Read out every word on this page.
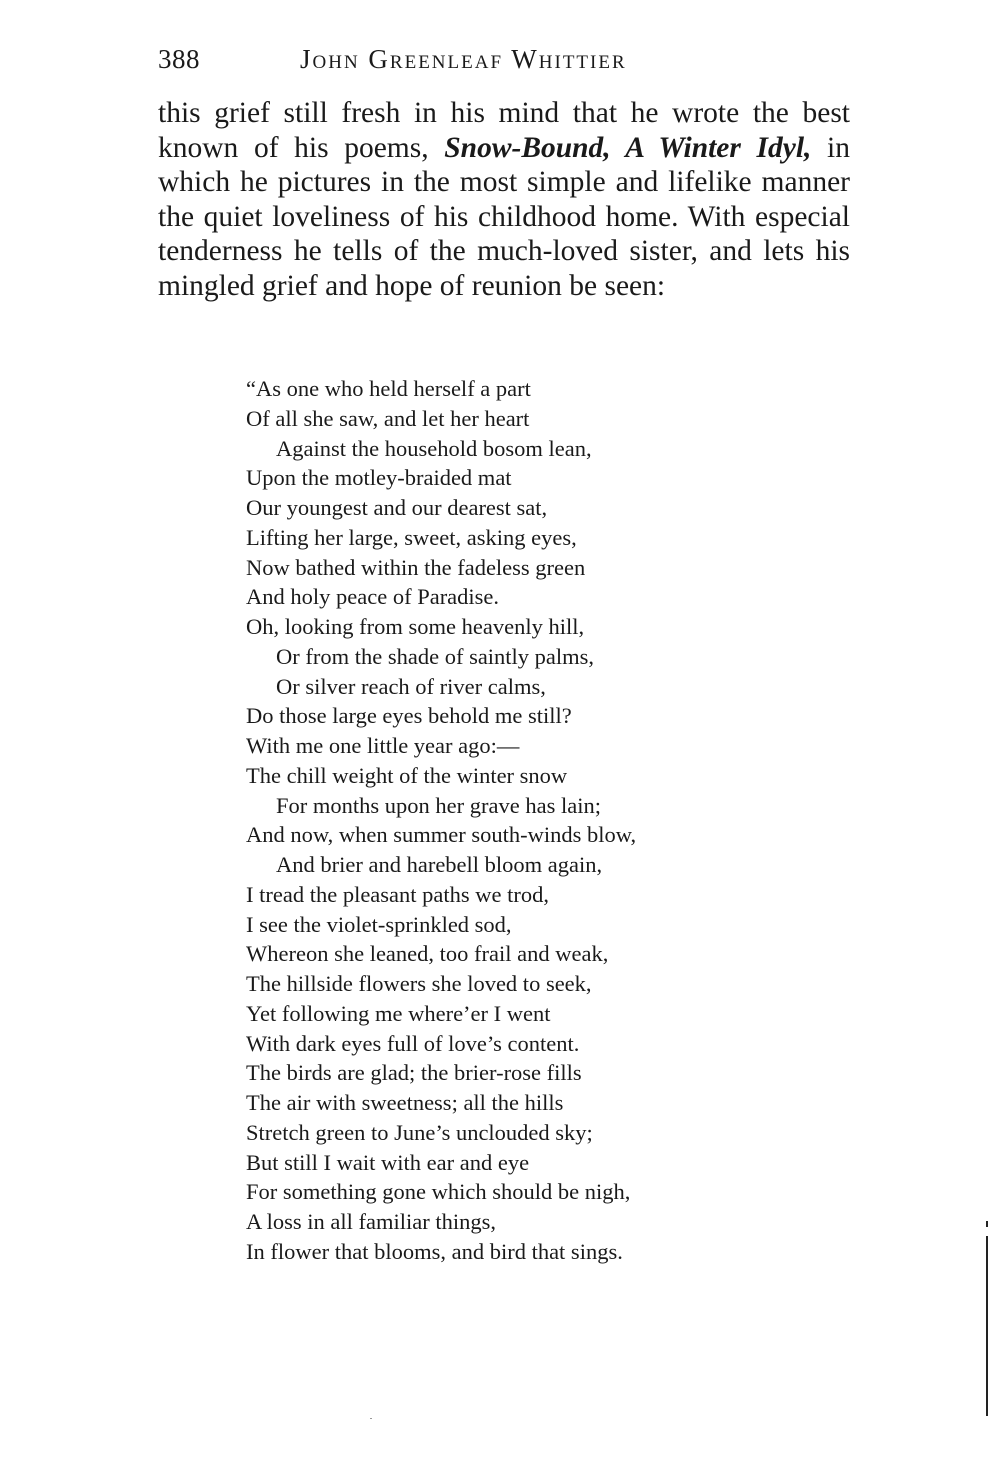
388	John Greenleaf Whittier

this grief still fresh in his mind that he wrote the best known of his poems, Snow-Bound, A Winter Idyl, in which he pictures in the most simple and lifelike manner the quiet loveliness of his childhood home. With especial tenderness he tells of the much-loved sister, and lets his mingled grief and hope of reunion be seen:

“As one who held herself a part
Of all she saw, and let her heart
Against the household bosom lean,
Upon the motley-braided mat
Our youngest and our dearest sat,
Lifting her large, sweet, asking eyes,
Now bathed within the fadeless green
And holy peace of Paradise.
Oh, looking from some heavenly hill,
Or from the shade of saintly palms,
Or silver reach of river calms,
Do those large eyes behold me still?
With me one little year ago:—
The chill weight of the winter snow
For months upon her grave has lain;
And now, when summer south-winds blow,
And brier and harebell bloom again,
I tread the pleasant paths we trod,
I see the violet-sprinkled sod,
Whereon she leaned, too frail and weak,
The hillside flowers she loved to seek,
Yet following me where’er I went
With dark eyes full of love’s content.
The birds are glad; the brier-rose fills
The air with sweetness; all the hills
Stretch green to June’s unclouded sky;
But still I wait with ear and eye
For something gone which should be nigh,
A loss in all familiar things,
In flower that blooms, and bird that sings.
